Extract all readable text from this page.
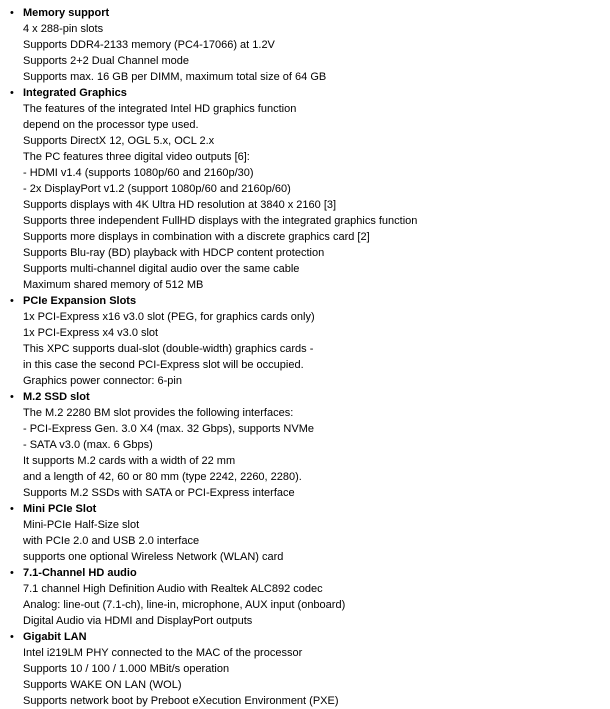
• Memory support
4 x 288-pin slots
Supports DDR4-2133 memory (PC4-17066) at 1.2V
Supports 2+2 Dual Channel mode
Supports max. 16 GB per DIMM, maximum total size of 64 GB
• Integrated Graphics
The features of the integrated Intel HD graphics function
depend on the processor type used.
Supports DirectX 12, OGL 5.x, OCL 2.x
The PC features three digital video outputs [6]:
- HDMI v1.4 (supports 1080p/60 and 2160p/30)
- 2x DisplayPort v1.2 (support 1080p/60 and 2160p/60)
Supports displays with 4K Ultra HD resolution at 3840 x 2160 [3]
Supports three independent FullHD displays with the integrated graphics function
Supports more displays in combination with a discrete graphics card [2]
Supports Blu-ray (BD) playback with HDCP content protection
Supports multi-channel digital audio over the same cable
Maximum shared memory of 512 MB
• PCIe Expansion Slots
1x PCI-Express x16 v3.0 slot (PEG, for graphics cards only)
1x PCI-Express x4 v3.0 slot
This XPC supports dual-slot (double-width) graphics cards -
in this case the second PCI-Express slot will be occupied.
Graphics power connector: 6-pin
• M.2 SSD slot
The M.2 2280 BM slot provides the following interfaces:
- PCI-Express Gen. 3.0 X4 (max. 32 Gbps), supports NVMe
- SATA v3.0 (max. 6 Gbps)
It supports M.2 cards with a width of 22 mm
and a length of 42, 60 or 80 mm (type 2242, 2260, 2280).
Supports M.2 SSDs with SATA or PCI-Express interface
• Mini PCIe Slot
Mini-PCIe Half-Size slot
with PCIe 2.0 and USB 2.0 interface
supports one optional Wireless Network (WLAN) card
• 7.1-Channel HD audio
7.1 channel High Definition Audio with Realtek ALC892 codec
Analog: line-out (7.1-ch), line-in, microphone, AUX input (onboard)
Digital Audio via HDMI and DisplayPort outputs
• Gigabit LAN
Intel i219LM PHY connected to the MAC of the processor
Supports 10 / 100 / 1.000 MBit/s operation
Supports WAKE ON LAN (WOL)
Supports network boot by Preboot eXecution Environment (PXE)
